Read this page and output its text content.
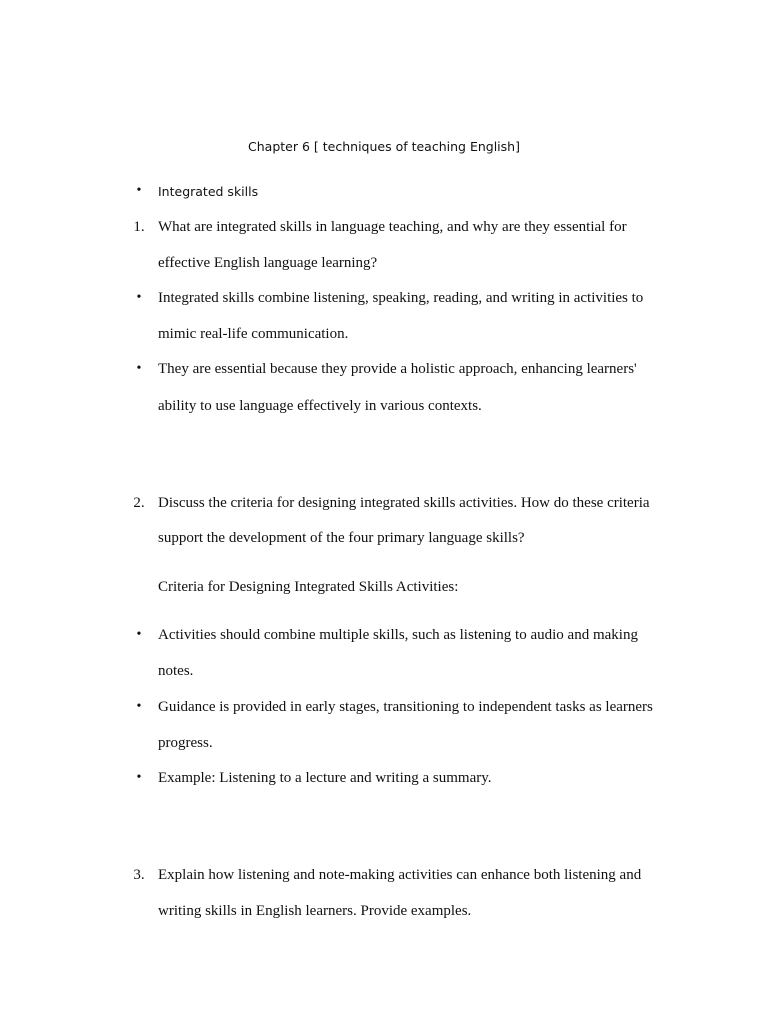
Chapter 6 [ techniques of teaching English]
•	Integrated skills
1. What are integrated skills in language teaching, and why are they essential for
effective English language learning?
•	Integrated skills combine listening, speaking, reading, and writing in activities to
mimic real-life communication.
•	They are essential because they provide a holistic approach, enhancing learners'
ability to use language effectively in various contexts.
2. Discuss the criteria for designing integrated skills activities. How do these criteria
support the development of the four primary language skills?
Criteria for Designing Integrated Skills Activities:
•	Activities should combine multiple skills, such as listening to audio and making
notes.
•	Guidance is provided in early stages, transitioning to independent tasks as learners
progress.
•	Example: Listening to a lecture and writing a summary.
3. Explain how listening and note-making activities can enhance both listening and
writing skills in English learners. Provide examples.
